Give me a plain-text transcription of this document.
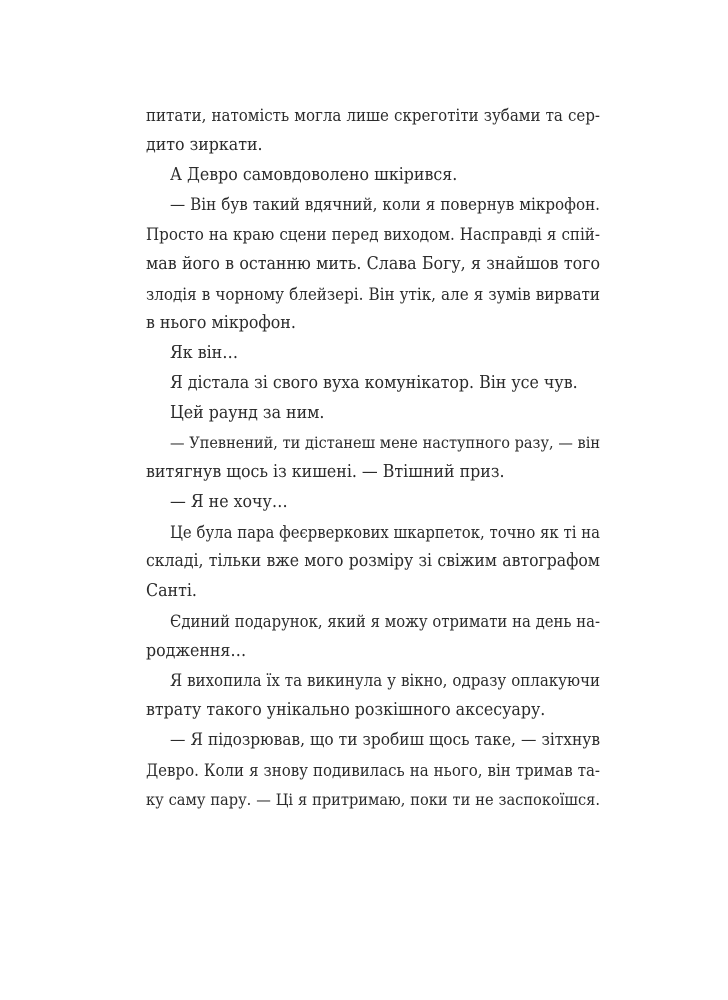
питати, натомість могла лише скреготіти зубами та сер-
дито зиркати.
А Девро самовдоволено шкірився.
— Він був такий вдячний, коли я повернув мікрофон.
Просто на краю сцени перед виходом. Насправді я спій-
мав його в останню мить. Слава Богу, я знайшов того
злодія в чорному блейзері. Він утік, але я зумів вирвати
в нього мікрофон.
Як він…
Я дістала зі свого вуха комунікатор. Він усе чув.
Цей раунд за ним.
— Упевнений, ти дістанеш мене наступного разу, — він
витягнув щось із кишені. — Втішний приз.
— Я не хочу…
Це була пара феєрверкових шкарпеток, точно як ті на
складі, тільки вже мого розміру зі свіжим автографом
Санті.
Єдиний подарунок, який я можу отримати на день на-
родження…
Я вихопила їх та викинула у вікно, одразу оплакуючи
втрату такого унікально розкішного аксесуару.
— Я підозрював, що ти зробиш щось таке, — зітхнув
Девро. Коли я знову подивилась на нього, він тримав та-
ку саму пару. — Ці я притримаю, поки ти не заспокоїшся.
